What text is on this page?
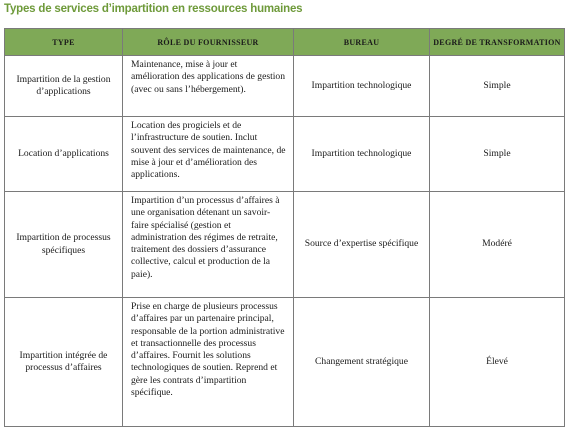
Types de services d’impartition en ressources humaines
TYPE	RÔLE DU FOURNISSEUR	BUREAU	DEGRÉ DE TRANSFORMATION

Impartition de la gestion d’applications	Maintenance, mise à jour et amélioration des applications de gestion (avec ou sans l’hébergement).	Impartition technologique	Simple
Location d’applications	Location des progiciels et de l’infrastructure de soutien. Inclut souvent des services de maintenance, de mise à jour et d’amélioration des applications.	Impartition technologique	Simple

Impartition de processus spécifiques	Impartition d’un processus d’affaires à une organisation détenant un savoir-faire spécialisé (gestion et administration des régimes de retraite, traitement des dossiers d’assurance collective, calcul et production de la paie).	Source d’expertise spécifique	Modéré
Impartition intégrée de processus d’affaires	Prise en charge de plusieurs processus d’affaires par un partenaire principal, responsable de la portion administrative et transactionnelle des processus d’affaires. Fournit les solutions technologiques de soutien. Reprend et gère les contrats d’impartition spécifique.	Changement stratégique	Élevé
